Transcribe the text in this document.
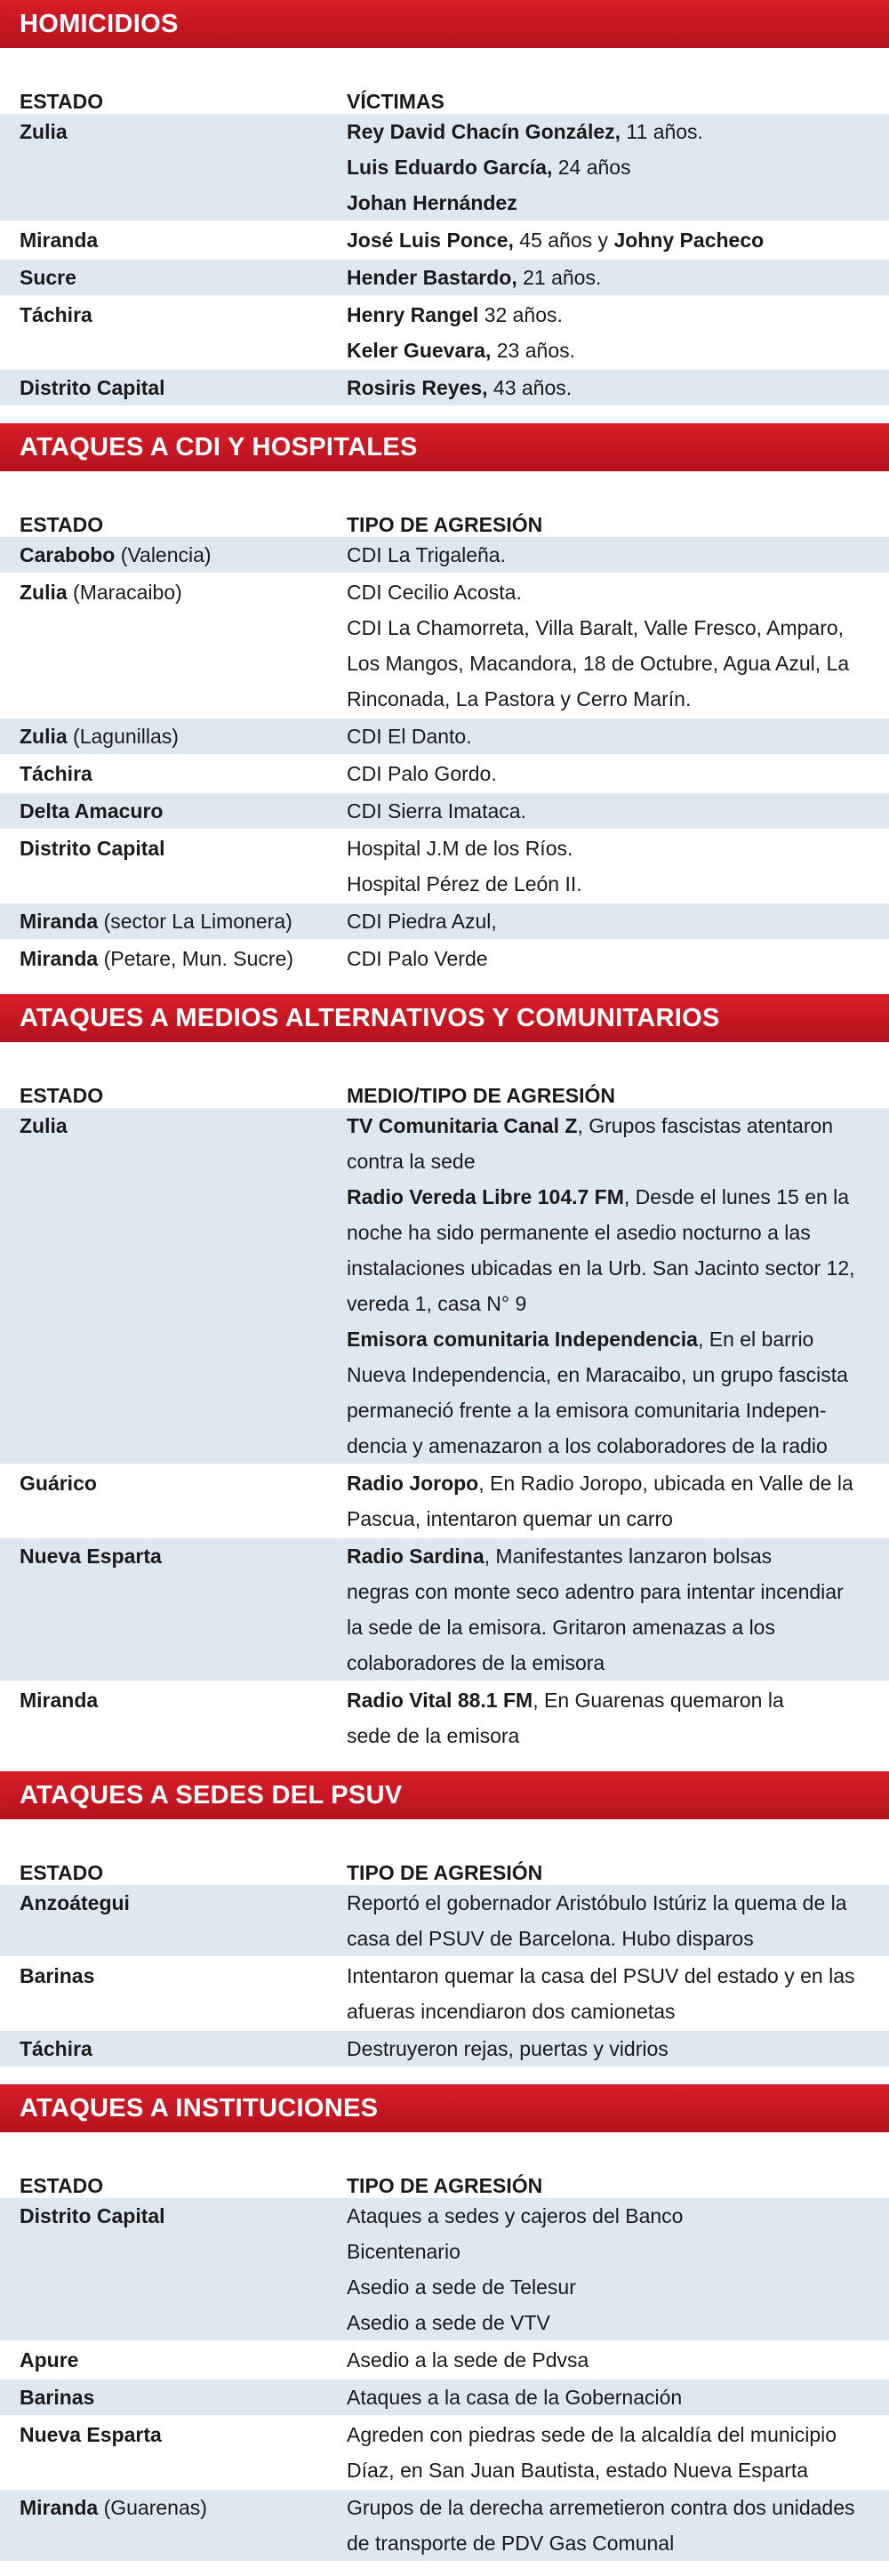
HOMICIDIOS
ESTADO	VÍCTIMAS
Zulia	Rey David Chacín González, 11 años.
Luis Eduardo García, 24 años
Johan Hernández
Miranda	José Luis Ponce, 45 años y Johny Pacheco
Sucre	Hender Bastardo, 21 años.
Táchira	Henry Rangel 32 años.
Keler Guevara, 23 años.
Distrito Capital	Rosiris Reyes, 43 años.
ATAQUES A CDI Y HOSPITALES
ESTADO	TIPO DE AGRESIÓN
Carabobo (Valencia)	CDI La Trigaleña.
Zulia (Maracaibo)	CDI Cecilio Acosta.
CDI La Chamorreta, Villa Baralt, Valle Fresco, Amparo,
Los Mangos, Macandora, 18 de Octubre, Agua Azul, La
Rinconada, La Pastora y Cerro Marín.
Zulia (Lagunillas)	CDI El Danto.
Táchira	CDI Palo Gordo.
Delta Amacuro	CDI Sierra Imataca.
Distrito Capital	Hospital J.M de los Ríos.
Hospital Pérez de León II.
Miranda (sector La Limonera)	CDI Piedra Azul,
Miranda (Petare, Mun. Sucre)	CDI Palo Verde
ATAQUES A MEDIOS ALTERNATIVOS Y COMUNITARIOS
ESTADO	MEDIO/TIPO DE AGRESIÓN
Zulia	TV Comunitaria Canal Z, Grupos fascistas atentaron
contra la sede
Radio Vereda Libre 104.7 FM, Desde el lunes 15 en la
noche ha sido permanente el asedio nocturno a las
instalaciones ubicadas en la Urb. San Jacinto sector 12,
vereda 1, casa N° 9
Emisora comunitaria Independencia, En el barrio
Nueva Independencia, en Maracaibo, un grupo fascista
permaneció frente a la emisora comunitaria Indepen-
dencia y amenazaron a los colaboradores de la radio
Guárico	Radio Joropo, En Radio Joropo, ubicada en Valle de la
Pascua, intentaron quemar un carro
Nueva Esparta	Radio Sardina, Manifestantes lanzaron bolsas
negras con monte seco adentro para intentar incendiar
la sede de la emisora. Gritaron amenazas a los
colaboradores de la emisora
Miranda	Radio Vital 88.1 FM, En Guarenas quemaron la
sede de la emisora
ATAQUES A SEDES DEL PSUV
ESTADO	TIPO DE AGRESIÓN
Anzoátegui	Reportó el gobernador Aristóbulo Istúriz la quema de la
casa del PSUV de Barcelona. Hubo disparos
Barinas	Intentaron quemar la casa del PSUV del estado y en las
afueras incendiaron dos camionetas
Táchira	Destruyeron rejas, puertas y vidrios
ATAQUES A INSTITUCIONES
ESTADO	TIPO DE AGRESIÓN
Distrito Capital	Ataques a sedes y cajeros del Banco
Bicentenario
Asedio a sede de Telesur
Asedio a sede de VTV
Apure	Asedio a la sede de Pdvsa
Barinas	Ataques a la casa de la Gobernación
Nueva Esparta	Agreden con piedras sede de la alcaldía del municipio
Díaz, en San Juan Bautista, estado Nueva Esparta
Miranda (Guarenas)	Grupos de la derecha arremetieron contra dos unidades
de transporte de PDV Gas Comunal
